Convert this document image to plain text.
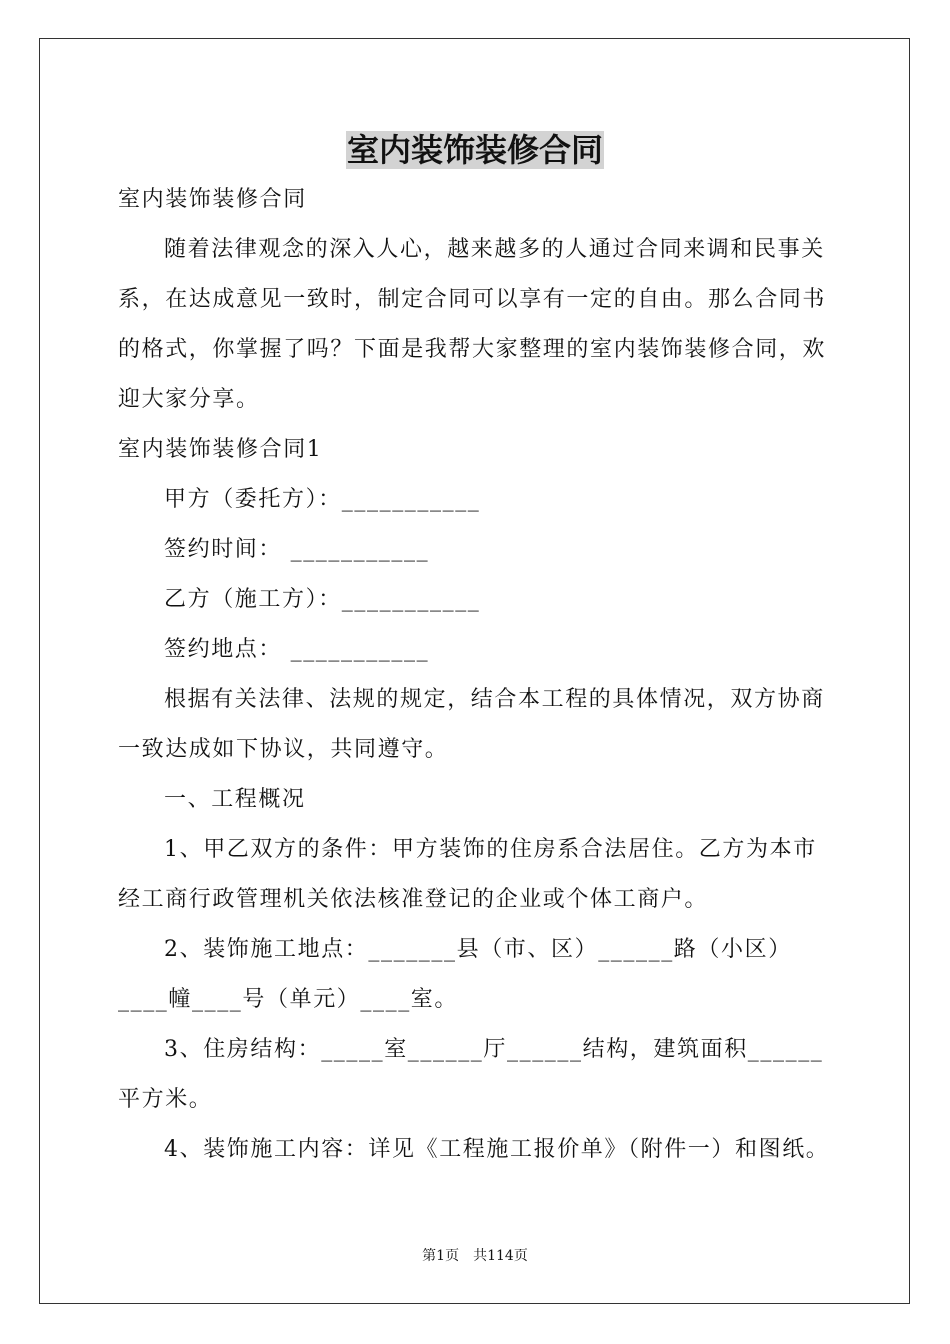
室内装饰装修合同

室内装饰装修合同

随着法律观念的深入人心，越来越多的人通过合同来调和民事关系，在达成意见一致时，制定合同可以享有一定的自由。那么合同书的格式，你掌握了吗？下面是我帮大家整理的室内装饰装修合同，欢迎大家分享。

室内装饰装修合同1

甲方（委托方）：___________

签约时间： ___________

乙方（施工方）：___________

签约地点： ___________

根据有关法律、法规的规定，结合本工程的具体情况，双方协商一致达成如下协议，共同遵守。

一、工程概况

1、甲乙双方的条件：甲方装饰的住房系合法居住。乙方为本市经工商行政管理机关依法核准登记的企业或个体工商户。

2、装饰施工地点：_______县（市、区）______路（小区）____幢____号（单元）____室。

3、住房结构：_____室______厅______结构，建筑面积______平方米。

4、装饰施工内容：详见《工程施工报价单》（附件一）和图纸。

第1页 共114页
